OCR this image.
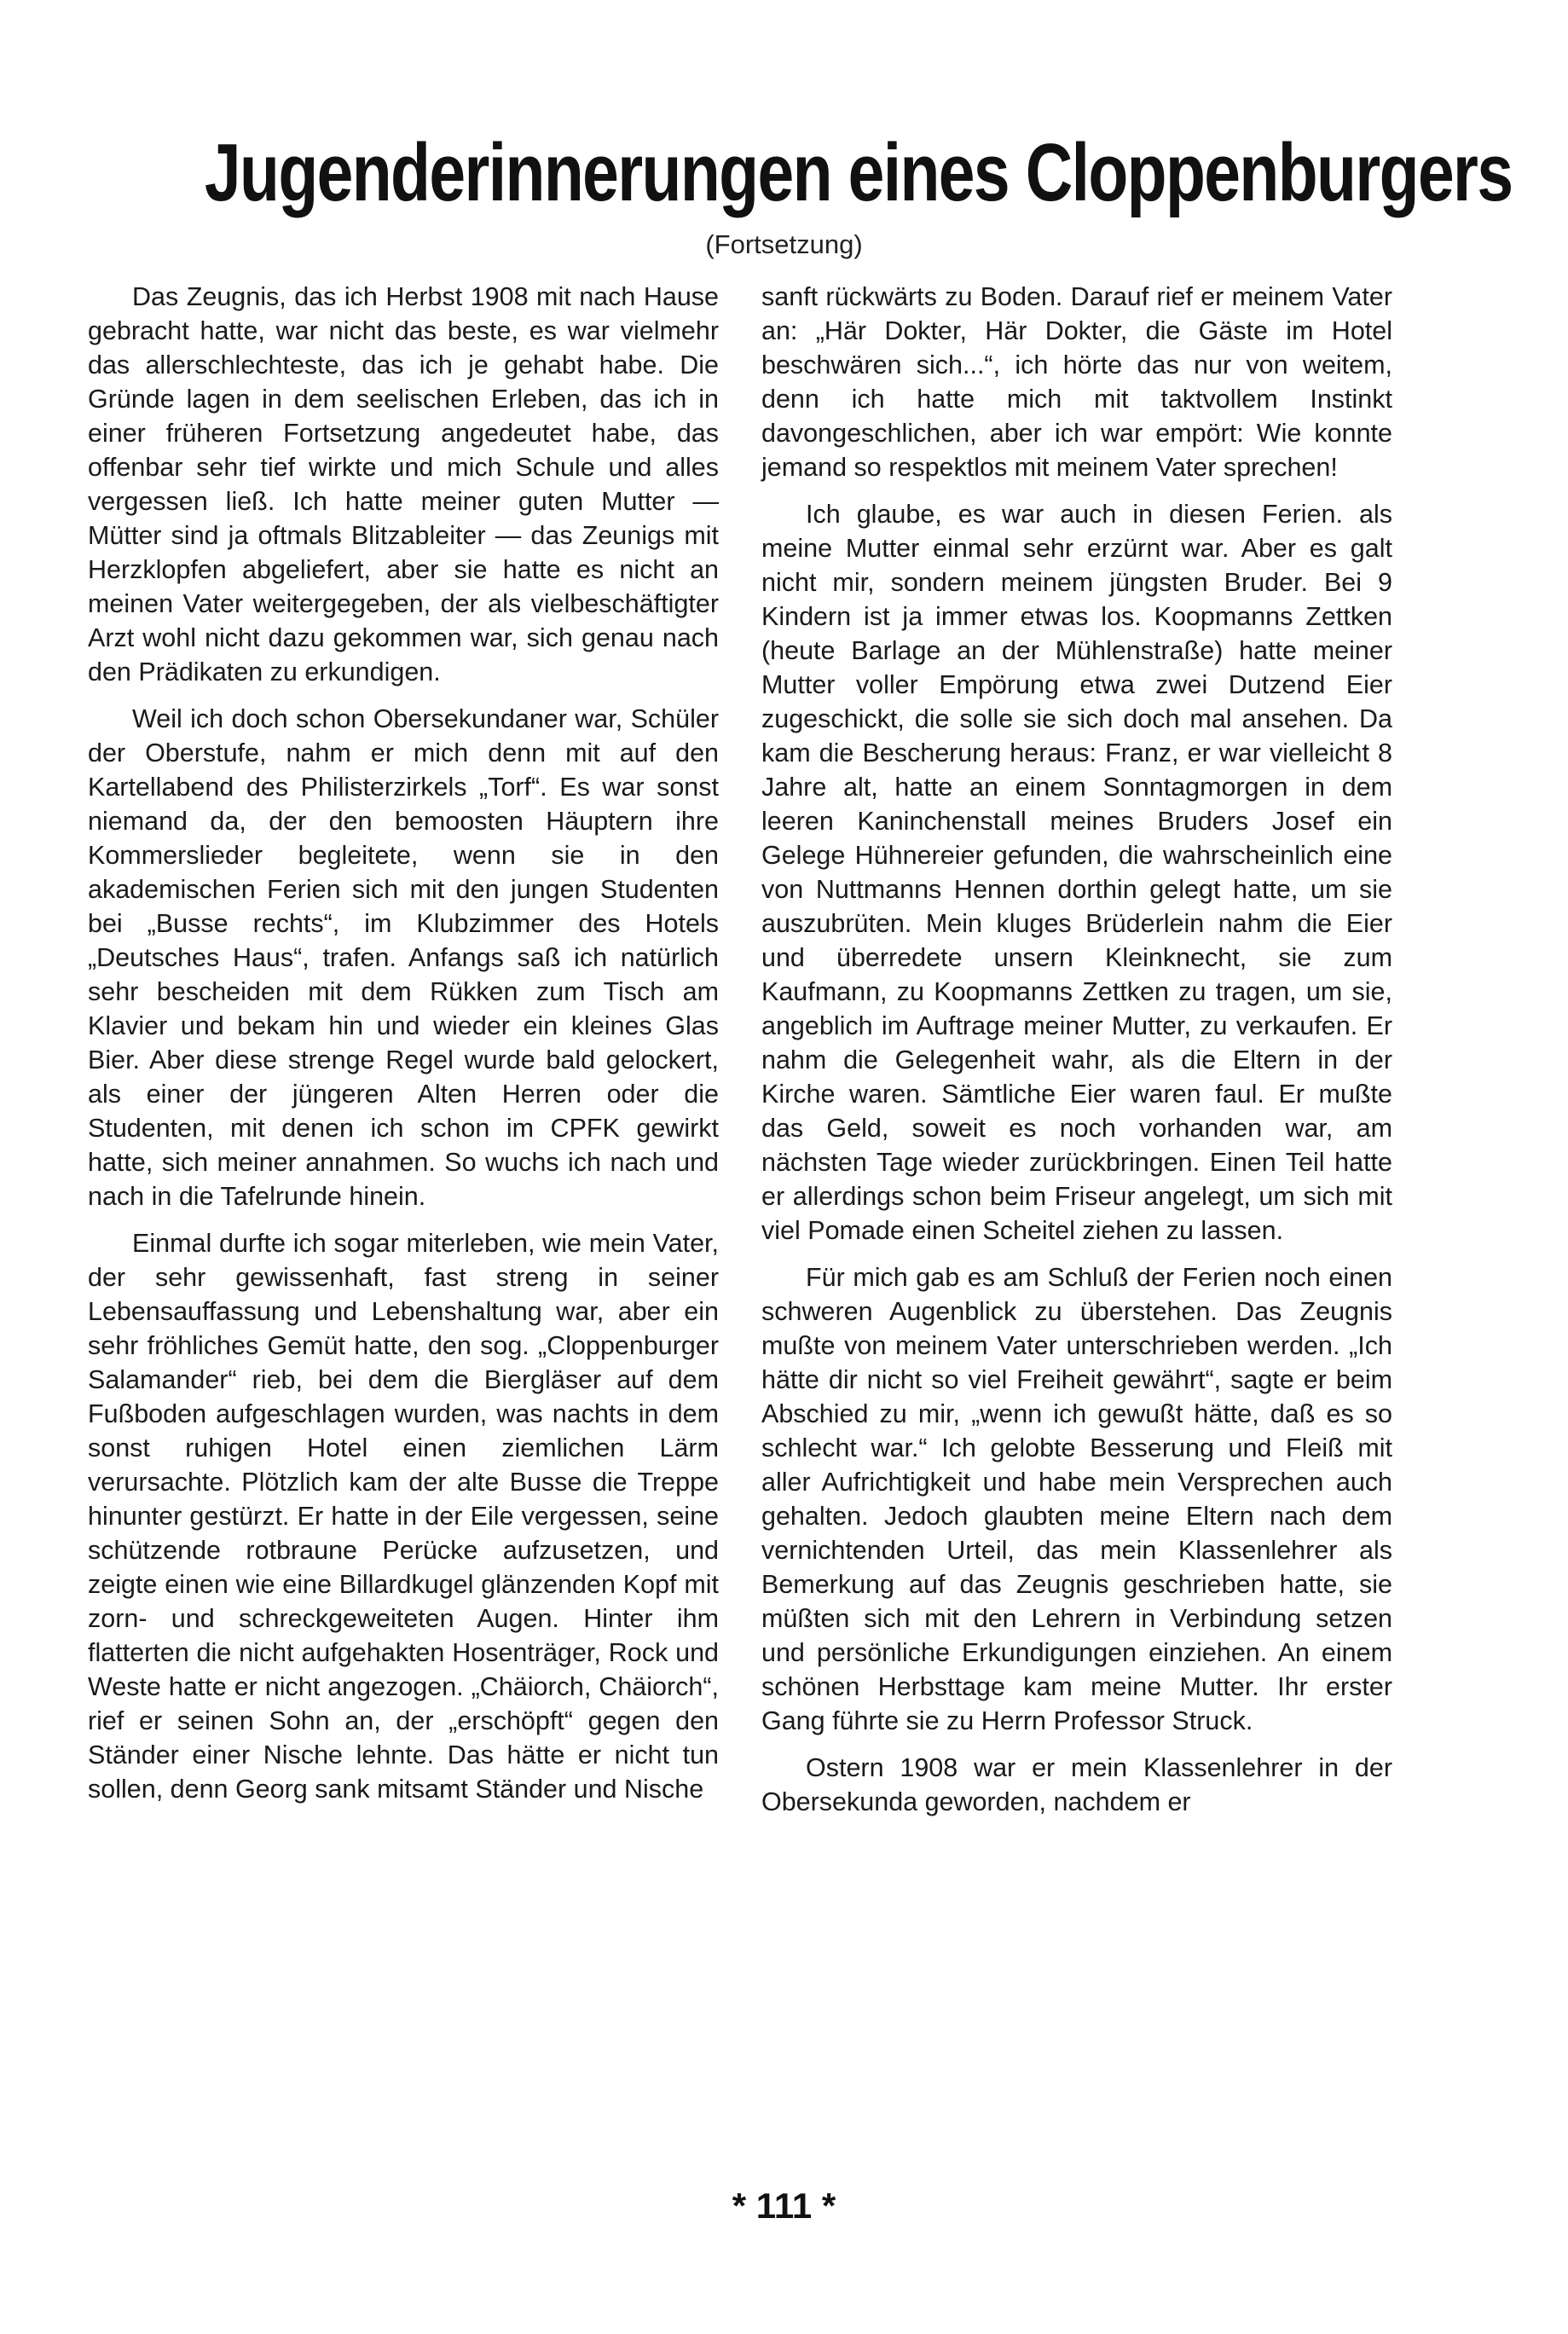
Jugenderinnerungen eines Cloppenburgers
(Fortsetzung)

Das Zeugnis, das ich Herbst 1908 mit nach Hause gebracht hatte, war nicht das beste, es war vielmehr das allerschlechteste, das ich je gehabt habe. Die Gründe lagen in dem seelischen Erleben, das ich in einer früheren Fortsetzung angedeutet habe, das offenbar sehr tief wirkte und mich Schule und alles vergessen ließ. Ich hatte meiner guten Mutter — Mütter sind ja oftmals Blitzableiter — das Zeunigs mit Herzklopfen abgeliefert, aber sie hatte es nicht an meinen Vater weitergegeben, der als vielbeschäftigter Arzt wohl nicht dazu gekommen war, sich genau nach den Prädikaten zu erkundigen.

Weil ich doch schon Obersekundaner war, Schüler der Oberstufe, nahm er mich denn mit auf den Kartellabend des Philisterzirkels „Torf“. Es war sonst niemand da, der den bemoosten Häuptern ihre Kommerslieder begleitete, wenn sie in den akademischen Ferien sich mit den jungen Studenten bei „Busse rechts“, im Klubzimmer des Hotels „Deutsches Haus“, trafen. Anfangs saß ich natürlich sehr bescheiden mit dem Rükken zum Tisch am Klavier und bekam hin und wieder ein kleines Glas Bier. Aber diese strenge Regel wurde bald gelockert, als einer der jüngeren Alten Herren oder die Studenten, mit denen ich schon im CPFK gewirkt hatte, sich meiner annahmen. So wuchs ich nach und nach in die Tafelrunde hinein.

Einmal durfte ich sogar miterleben, wie mein Vater, der sehr gewissenhaft, fast streng in seiner Lebensauffassung und Lebenshaltung war, aber ein sehr fröhliches Gemüt hatte, den sog. „Cloppenburger Salamander“ rieb, bei dem die Biergläser auf dem Fußboden aufgeschlagen wurden, was nachts in dem sonst ruhigen Hotel einen ziemlichen Lärm verursachte. Plötzlich kam der alte Busse die Treppe hinunter gestürzt. Er hatte in der Eile vergessen, seine schützende rotbraune Perücke aufzusetzen, und zeigte einen wie eine Billardkugel glänzenden Kopf mit zorn- und schreckgeweiteten Augen. Hinter ihm flatterten die nicht aufgehakten Hosenträger, Rock und Weste hatte er nicht angezogen. „Chäiorch, Chäiorch“, rief er seinen Sohn an, der „erschöpft“ gegen den Ständer einer Nische lehnte. Das hätte er nicht tun sollen, denn Georg sank mitsamt Ständer und Nische

sanft rückwärts zu Boden. Darauf rief er meinem Vater an: „Här Dokter, Här Dokter, die Gäste im Hotel beschwären sich...“, ich hörte das nur von weitem, denn ich hatte mich mit taktvollem Instinkt davongeschlichen, aber ich war empört: Wie konnte jemand so respektlos mit meinem Vater sprechen!

Ich glaube, es war auch in diesen Ferien. als meine Mutter einmal sehr erzürnt war. Aber es galt nicht mir, sondern meinem jüngsten Bruder. Bei 9 Kindern ist ja immer etwas los. Koopmanns Zettken (heute Barlage an der Mühlenstraße) hatte meiner Mutter voller Empörung etwa zwei Dutzend Eier zugeschickt, die solle sie sich doch mal ansehen. Da kam die Bescherung heraus: Franz, er war vielleicht 8 Jahre alt, hatte an einem Sonntagmorgen in dem leeren Kaninchenstall meines Bruders Josef ein Gelege Hühnereier gefunden, die wahrscheinlich eine von Nuttmanns Hennen dorthin gelegt hatte, um sie auszubrüten. Mein kluges Brüderlein nahm die Eier und überredete unsern Kleinknecht, sie zum Kaufmann, zu Koopmanns Zettken zu tragen, um sie, angeblich im Auftrage meiner Mutter, zu verkaufen. Er nahm die Gelegenheit wahr, als die Eltern in der Kirche waren. Sämtliche Eier waren faul. Er mußte das Geld, soweit es noch vorhanden war, am nächsten Tage wieder zurückbringen. Einen Teil hatte er allerdings schon beim Friseur angelegt, um sich mit viel Pomade einen Scheitel ziehen zu lassen.

Für mich gab es am Schluß der Ferien noch einen schweren Augenblick zu überstehen. Das Zeugnis mußte von meinem Vater unterschrieben werden. „Ich hätte dir nicht so viel Freiheit gewährt“, sagte er beim Abschied zu mir, „wenn ich gewußt hätte, daß es so schlecht war.“ Ich gelobte Besserung und Fleiß mit aller Aufrichtigkeit und habe mein Versprechen auch gehalten. Jedoch glaubten meine Eltern nach dem vernichtenden Urteil, das mein Klassenlehrer als Bemerkung auf das Zeugnis geschrieben hatte, sie müßten sich mit den Lehrern in Verbindung setzen und persönliche Erkundigungen einziehen. An einem schönen Herbsttage kam meine Mutter. Ihr erster Gang führte sie zu Herrn Professor Struck.

Ostern 1908 war er mein Klassenlehrer in der Obersekunda geworden, nachdem er

* 111 *
